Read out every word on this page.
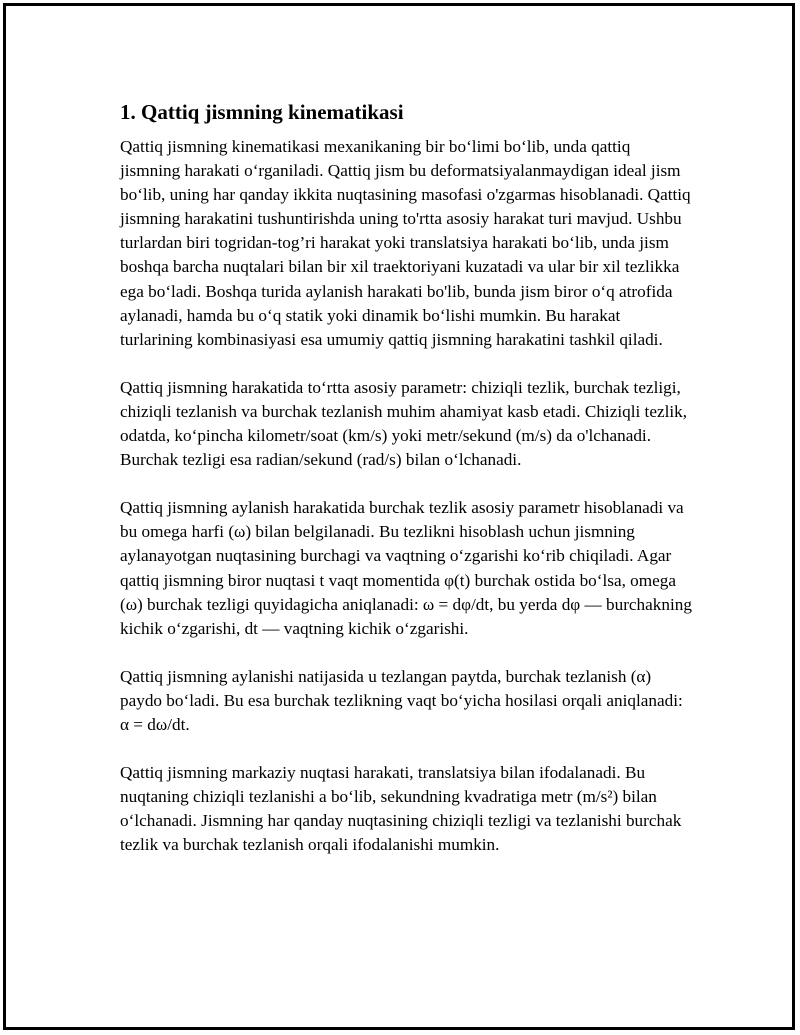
1. Qattiq jismning kinematikasi

Qattiq jismning kinematikasi mexanikaning bir bo‘limi bo‘lib, unda qattiq jismning harakati o‘rganiladi. Qattiq jism bu deformatsiyalanmaydigan ideal jism bo‘lib, uning har qanday ikkita nuqtasining masofasi o'zgarmas hisoblanadi. Qattiq jismning harakatini tushuntirishda uning to'rtta asosiy harakat turi mavjud. Ushbu turlardan biri togridan-tog’ri harakat yoki translatsiya harakati bo‘lib, unda jism boshqa barcha nuqtalari bilan bir xil traektoriyani kuzatadi va ular bir xil tezlikka ega bo‘ladi. Boshqa turida aylanish harakati bo'lib, bunda jism biror o‘q atrofida aylanadi, hamda bu o‘q statik yoki dinamik bo‘lishi mumkin. Bu harakat turlarining kombinasiyasi esa umumiy qattiq jismning harakatini tashkil qiladi.

Qattiq jismning harakatida to‘rtta asosiy parametr: chiziqli tezlik, burchak tezligi, chiziqli tezlanish va burchak tezlanish muhim ahamiyat kasb etadi. Chiziqli tezlik, odatda, ko‘pincha kilometr/soat (km/s) yoki metr/sekund (m/s) da o'lchanadi. Burchak tezligi esa radian/sekund (rad/s) bilan o‘lchanadi.

Qattiq jismning aylanish harakatida burchak tezlik asosiy parametr hisoblanadi va bu omega harfi (ω) bilan belgilanadi. Bu tezlikni hisoblash uchun jismning aylanayotgan nuqtasining burchagi va vaqtning o‘zgarishi ko‘rib chiqiladi. Agar qattiq jismning biror nuqtasi t vaqt momentida φ(t) burchak ostida bo‘lsa, omega (ω) burchak tezligi quyidagicha aniqlanadi: ω = dφ/dt, bu yerda dφ — burchakning kichik o‘zgarishi, dt — vaqtning kichik o‘zgarishi.

Qattiq jismning aylanishi natijasida u tezlangan paytda, burchak tezlanish (α) paydo bo‘ladi. Bu esa burchak tezlikning vaqt bo‘yicha hosilasi orqali aniqlanadi: α = dω/dt.

Qattiq jismning markaziy nuqtasi harakati, translatsiya bilan ifodalanadi. Bu nuqtaning chiziqli tezlanishi a bo‘lib, sekundning kvadratiga metr (m/s²) bilan o‘lchanadi. Jismning har qanday nuqtasining chiziqli tezligi va tezlanishi burchak tezlik va burchak tezlanish orqali ifodalanishi mumkin.
